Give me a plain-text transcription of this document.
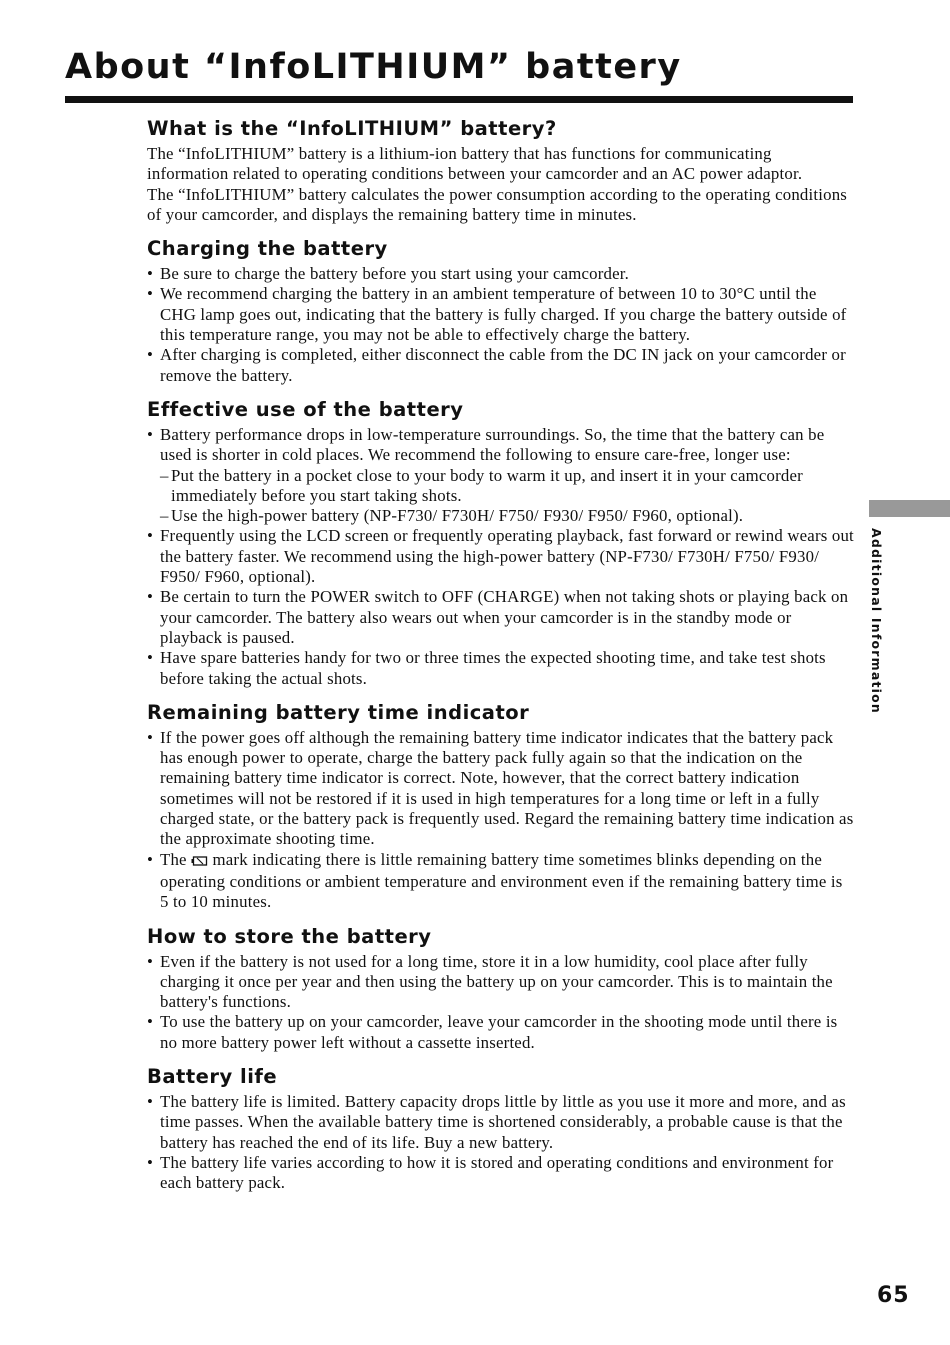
About “InfoLITHIUM” battery
What is the “InfoLITHIUM” battery?

The “InfoLITHIUM” battery is a lithium-ion battery that has functions for communicating information related to operating conditions between your camcorder and an AC power adaptor.

The “InfoLITHIUM” battery calculates the power consumption according to the operating conditions of your camcorder, and displays the remaining battery time in minutes.

Charging the battery
• Be sure to charge the battery before you start using your camcorder.
• We recommend charging the battery in an ambient temperature of between 10 to 30°C until the CHG lamp goes out, indicating that the battery is fully charged. If you charge the battery outside of this temperature range, you may not be able to effectively charge the battery.
• After charging is completed, either disconnect the cable from the DC IN jack on your camcorder or remove the battery.
Effective use of the battery
• Battery performance drops in low-temperature surroundings. So, the time that the battery can be used is shorter in cold places. We recommend the following to ensure care-free, longer use:
– Put the battery in a pocket close to your body to warm it up, and insert it in your camcorder immediately before you start taking shots.
– Use the high-power battery (NP-F730/ F730H/ F750/ F930/ F950/ F960, optional).
• Frequently using the LCD screen or frequently operating playback, fast forward or rewind wears out the battery faster. We recommend using the high-power battery (NP-F730/ F730H/ F750/ F930/ F950/ F960, optional).
• Be certain to turn the POWER switch to OFF (CHARGE) when not taking shots or playing back on your camcorder. The battery also wears out when your camcorder is in the standby mode or playback is paused.
• Have spare batteries handy for two or three times the expected shooting time, and take test shots before taking the actual shots.
Remaining battery time indicator
• If the power goes off although the remaining battery time indicator indicates that the battery pack has enough power to operate, charge the battery pack fully again so that the indication on the remaining battery time indicator is correct. Note, however, that the correct battery indication sometimes will not be restored if it is used in high temperatures for a long time or left in a fully charged state, or the battery pack is frequently used. Regard the remaining battery time indication as the approximate shooting time.
• The mark indicating there is little remaining battery time sometimes blinks depending on the operating conditions or ambient temperature and environment even if the remaining battery time is 5 to 10 minutes.
How to store the battery
• Even if the battery is not used for a long time, store it in a low humidity, cool place after fully charging it once per year and then using the battery up on your camcorder. This is to maintain the battery's functions.
• To use the battery up on your camcorder, leave your camcorder in the shooting mode until there is no more battery power left without a cassette inserted.
Battery life
• The battery life is limited. Battery capacity drops little by little as you use it more and more, and as time passes. When the available battery time is shortened considerably, a probable cause is that the battery has reached the end of its life. Buy a new battery.
• The battery life varies according to how it is stored and operating conditions and environment for each battery pack.
Additional Information
65
